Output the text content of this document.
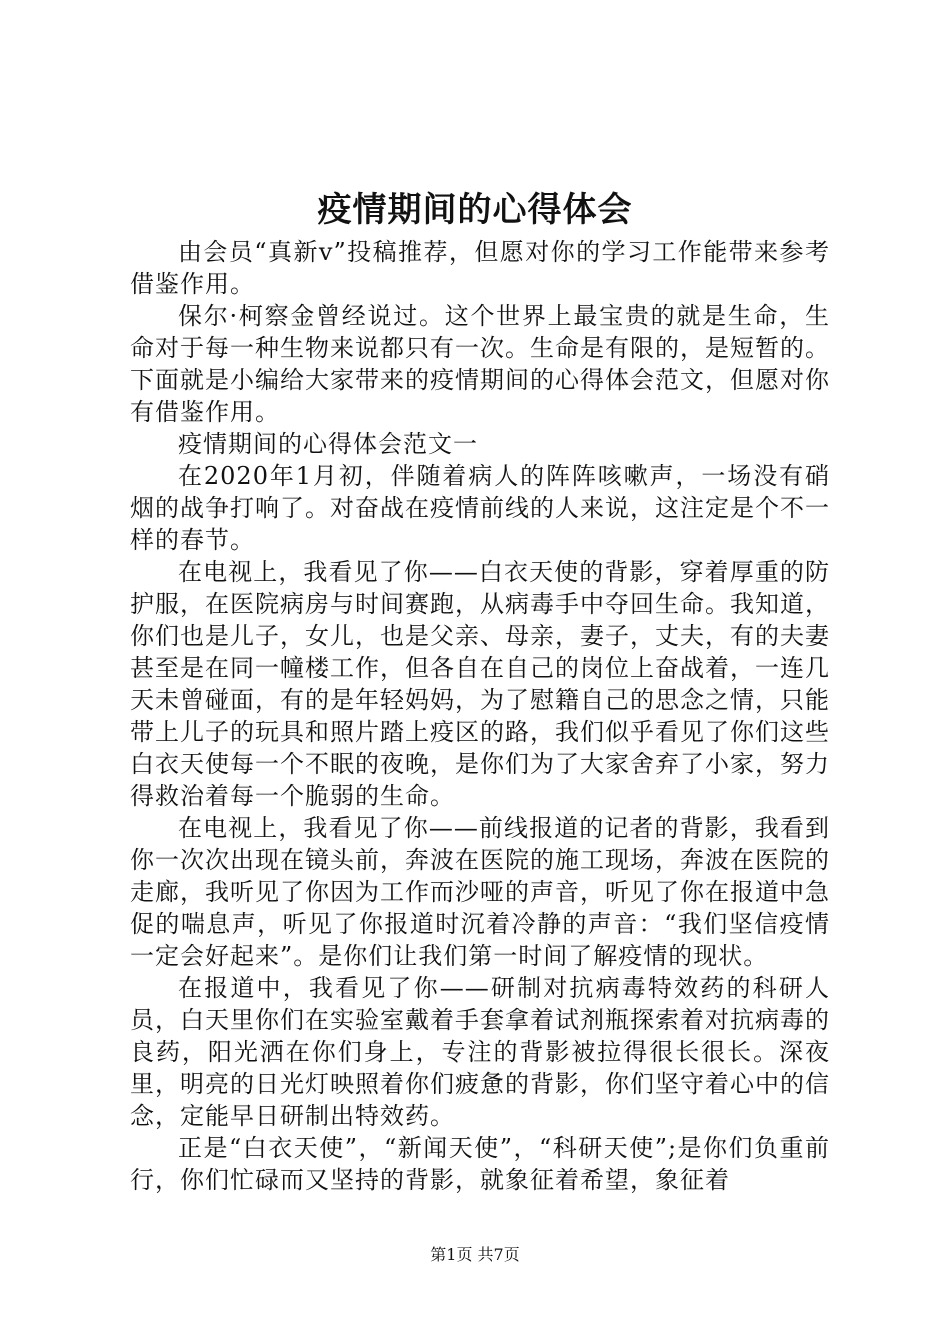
疫情期间的心得体会

由会员“真新v”投稿推荐，但愿对你的学习工作能带来参考借鉴作用。

保尔·柯察金曾经说过。这个世界上最宝贵的就是生命，生命对于每一种生物来说都只有一次。生命是有限的，是短暂的。下面就是小编给大家带来的疫情期间的心得体会范文，但愿对你有借鉴作用。

疫情期间的心得体会范文一

在2020年1月初，伴随着病人的阵阵咳嗽声，一场没有硝烟的战争打响了。对奋战在疫情前线的人来说，这注定是个不一样的春节。

在电视上，我看见了你——白衣天使的背影，穿着厚重的防护服，在医院病房与时间赛跑，从病毒手中夺回生命。我知道，你们也是儿子，女儿，也是父亲、母亲，妻子，丈夫，有的夫妻甚至是在同一幢楼工作，但各自在自己的岗位上奋战着，一连几天未曾碰面，有的是年轻妈妈，为了慰籍自己的思念之情，只能带上儿子的玩具和照片踏上疫区的路，我们似乎看见了你们这些白衣天使每一个不眠的夜晚，是你们为了大家舍弃了小家，努力得救治着每一个脆弱的生命。

在电视上，我看见了你——前线报道的记者的背影，我看到你一次次出现在镜头前，奔波在医院的施工现场，奔波在医院的走廊，我听见了你因为工作而沙哑的声音，听见了你在报道中急促的喘息声，听见了你报道时沉着冷静的声音：“我们坚信疫情一定会好起来”。是你们让我们第一时间了解疫情的现状。

在报道中，我看见了你——研制对抗病毒特效药的科研人员，白天里你们在实验室戴着手套拿着试剂瓶探索着对抗病毒的良药，阳光洒在你们身上，专注的背影被拉得很长很长。深夜里，明亮的日光灯映照着你们疲惫的背影，你们坚守着心中的信念，定能早日研制出特效药。

正是“白衣天使”，“新闻天使”，“科研天使”;是你们负重前行，你们忙碌而又坚持的背影，就象征着希望，象征着

第1页 共7页
